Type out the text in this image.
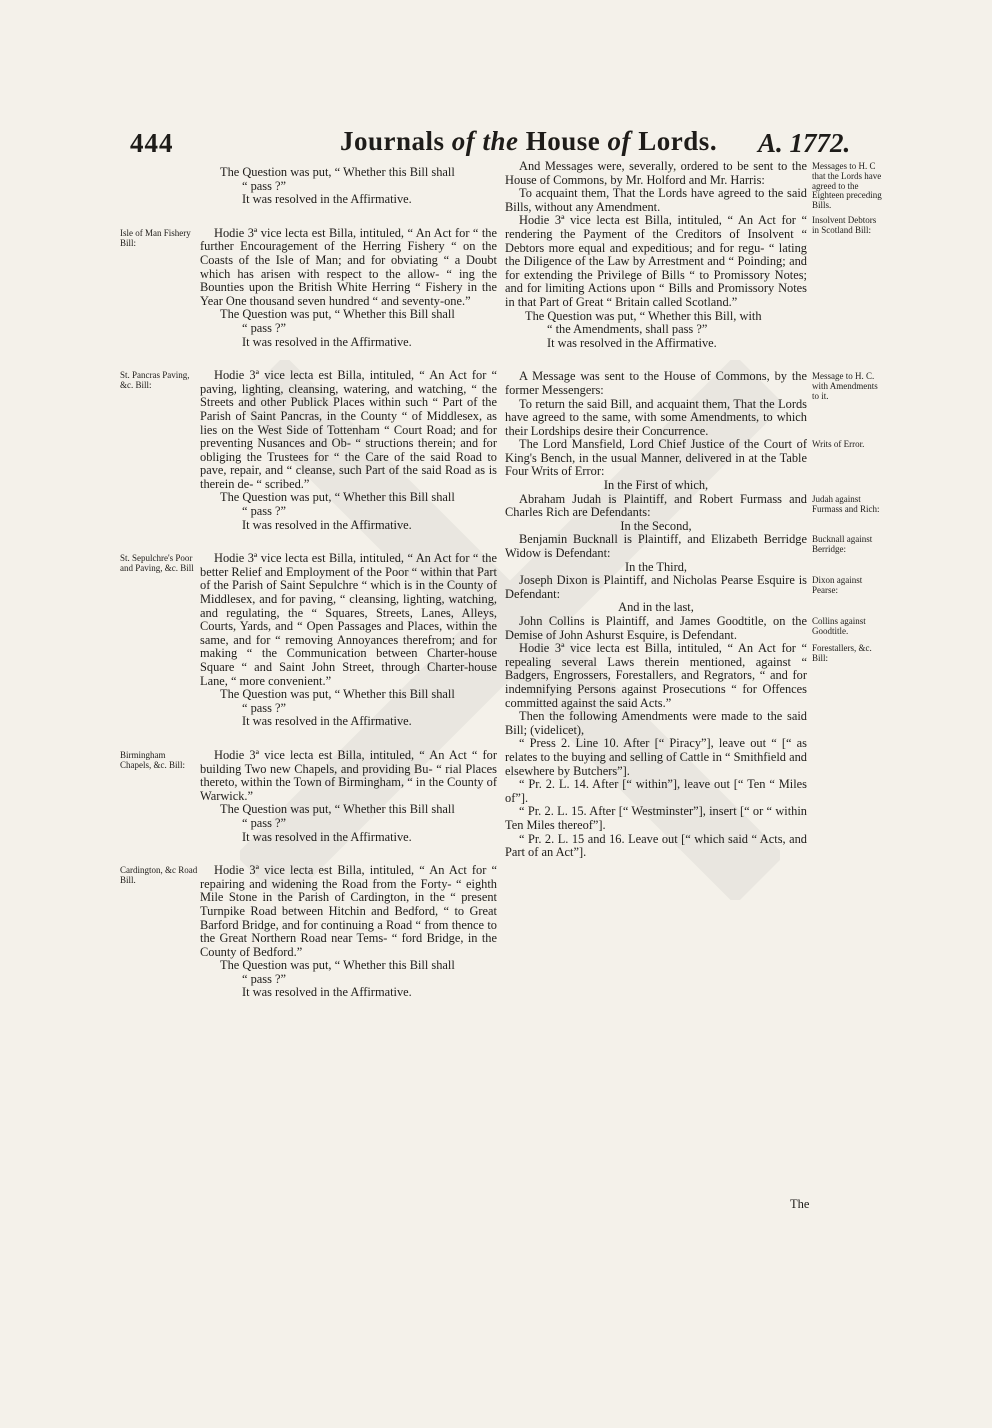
444	Journals of the House of Lords. A. 1772.

The Question was put, “ Whether this Bill shall
“ pass ?”

It was resolved in the Affirmative.

Hodie 3ª vice lecta est Billa, intituled, “ An Act for “ the further Encouragement of the Herring Fishery “ on the Coasts of the Isle of Man; and for obviating “ a Doubt which has arisen with respect to the allow- “ ing the Bounties upon the British White Herring “ Fishery in the Year One thousand seven hundred “ and seventy-one.”

The Question was put, “ Whether this Bill shall
“ pass ?”

It was resolved in the Affirmative.

Hodie 3ª vice lecta est Billa, intituled, “ An Act for “ paving, lighting, cleansing, watering, and watching, “ the Streets and other Publick Places within such “ Part of the Parish of Saint Pancras, in the County “ of Middlesex, as lies on the West Side of Tottenham “ Court Road; and for preventing Nusances and Ob- “ structions therein; and for obliging the Trustees for “ the Care of the said Road to pave, repair, and “ cleanse, such Part of the said Road as is therein de- “ scribed.”

The Question was put, “ Whether this Bill shall
“ pass ?”

It was resolved in the Affirmative.

Hodie 3ª vice lecta est Billa, intituled, “ An Act for “ the better Relief and Employment of the Poor “ within that Part of the Parish of Saint Sepulchre “ which is in the County of Middlesex, and for paving, “ cleansing, lighting, watching, and regulating, the “ Squares, Streets, Lanes, Alleys, Courts, Yards, and “ Open Passages and Places, within the same, and for “ removing Annoyances therefrom; and for making “ the Communication between Charter-house Square “ and Saint John Street, through Charter-house Lane, “ more convenient.”

The Question was put, “ Whether this Bill shall
“ pass ?”

It was resolved in the Affirmative.

Hodie 3ª vice lecta est Billa, intituled, “ An Act “ for building Two new Chapels, and providing Bu- “ rial Places thereto, within the Town of Birmingham, “ in the County of Warwick.”

The Question was put, “ Whether this Bill shall
“ pass ?”

It was resolved in the Affirmative.

Hodie 3ª vice lecta est Billa, intituled, “ An Act for “ repairing and widening the Road from the Forty- “ eighth Mile Stone in the Parish of Cardington, in the “ present Turnpike Road between Hitchin and Bedford, “ to Great Barford Bridge, and for continuing a Road “ from thence to the Great Northern Road near Tems- “ ford Bridge, in the County of Bedford.”

The Question was put, “ Whether this Bill shall
“ pass ?”

It was resolved in the Affirmative.

And Messages were, severally, ordered to be sent to the House of Commons, by Mr. Holford and Mr. Harris:

To acquaint them, That the Lords have agreed to the said Bills, without any Amendment.

Hodie 3ª vice lecta est Billa, intituled, “ An Act for “ rendering the Payment of the Creditors of Insolvent “ Debtors more equal and expeditious; and for regu- “ lating the Diligence of the Law by Arrestment and “ Poinding; and for extending the Privilege of Bills “ to Promissory Notes; and for limiting Actions upon “ Bills and Promissory Notes in that Part of Great “ Britain called Scotland.”

The Question was put, “ Whether this Bill, with
“ the Amendments, shall pass ?”

It was resolved in the Affirmative.

A Message was sent to the House of Commons, by the former Messengers:

To return the said Bill, and acquaint them, That the Lords have agreed to the same, with some Amendments, to which their Lordships desire their Concurrence.

The Lord Mansfield, Lord Chief Justice of the Court of King's Bench, in the usual Manner, delivered in at the Table Four Writs of Error:

In the First of which,

Abraham Judah is Plaintiff, and Robert Furmass and Charles Rich are Defendants:

In the Second,

Benjamin Bucknall is Plaintiff, and Elizabeth Berridge Widow is Defendant:

In the Third,

Joseph Dixon is Plaintiff, and Nicholas Pearse Esquire is Defendant:

And in the last,

John Collins is Plaintiff, and James Goodtitle, on the Demise of John Ashurst Esquire, is Defendant.

Hodie 3ª vice lecta est Billa, intituled, “ An Act for “ repealing several Laws therein mentioned, against “ Badgers, Engrossers, Forestallers, and Regrators, “ and for indemnifying Persons against Prosecutions “ for Offences committed against the said Acts.”

Then the following Amendments were made to the said Bill; (videlicet),

“ Press 2. Line 10. After [“ Piracy”], leave out “ [“ as relates to the buying and selling of Cattle in “ Smithfield and elsewhere by Butchers”].

“ Pr. 2. L. 14. After [“ within”], leave out [“ Ten “ Miles of”].

“ Pr. 2. L. 15. After [“ Westminster”], insert [“ or “ within Ten Miles thereof”].

“ Pr. 2. L. 15 and 16. Leave out [“ which said “ Acts, and Part of an Act”].

Isle of Man Fishery Bill:
St. Pancras Paving, &c. Bill:
St. Sepulchre's Poor and Paving, &c. Bill
Birmingham Chapels, &c. Bill:
Cardington, &c Road Bill.
Messages to H. C that the Lords have agreed to the Eighteen preceding Bills.
Insolvent Debtors in Scotland Bill:
Message to H. C. with Amendments to it.
Writs of Error.
Judah against Furmass and Rich:
Bucknall against Berridge:
Dixon against Pearse:
Collins against Goodtitle.
Forestallers, &c. Bill:
The
